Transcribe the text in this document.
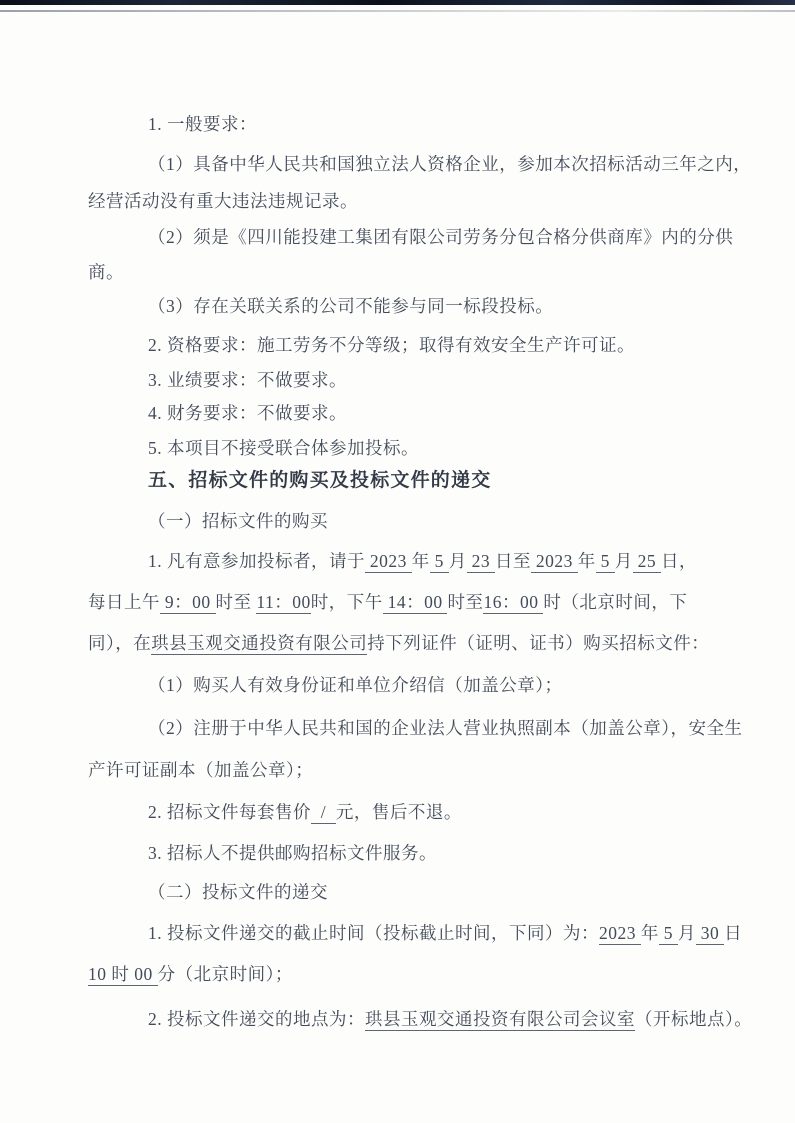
1. 一般要求：
（1）具备中华人民共和国独立法人资格企业，参加本次招标活动三年之内，
经营活动没有重大违法违规记录。
（2）须是《四川能投建工集团有限公司劳务分包合格分供商库》内的分供
商。
（3）存在关联关系的公司不能参与同一标段投标。
2. 资格要求：施工劳务不分等级；取得有效安全生产许可证。
3. 业绩要求：不做要求。
4. 财务要求：不做要求。
5. 本项目不接受联合体参加投标。
五、招标文件的购买及投标文件的递交
（一）招标文件的购买
1. 凡有意参加投标者，请于 2023 年 5 月 23 日至 2023 年 5 月 25 日，
每日上午 9：00 时至 11：00时，下午 14：00 时至16：00 时（北京时间，下
同），在珙县玉观交通投资有限公司持下列证件（证明、证书）购买招标文件：
（1）购买人有效身份证和单位介绍信（加盖公章）；
（2）注册于中华人民共和国的企业法人营业执照副本（加盖公章），安全生
产许可证副本（加盖公章）；
2. 招标文件每套售价  /  元，售后不退。
3. 招标人不提供邮购招标文件服务。
（二）投标文件的递交
1. 投标文件递交的截止时间（投标截止时间，下同）为：2023 年 5 月 30 日
10 时 00 分（北京时间）；
2. 投标文件递交的地点为：珙县玉观交通投资有限公司会议室（开标地点）。
